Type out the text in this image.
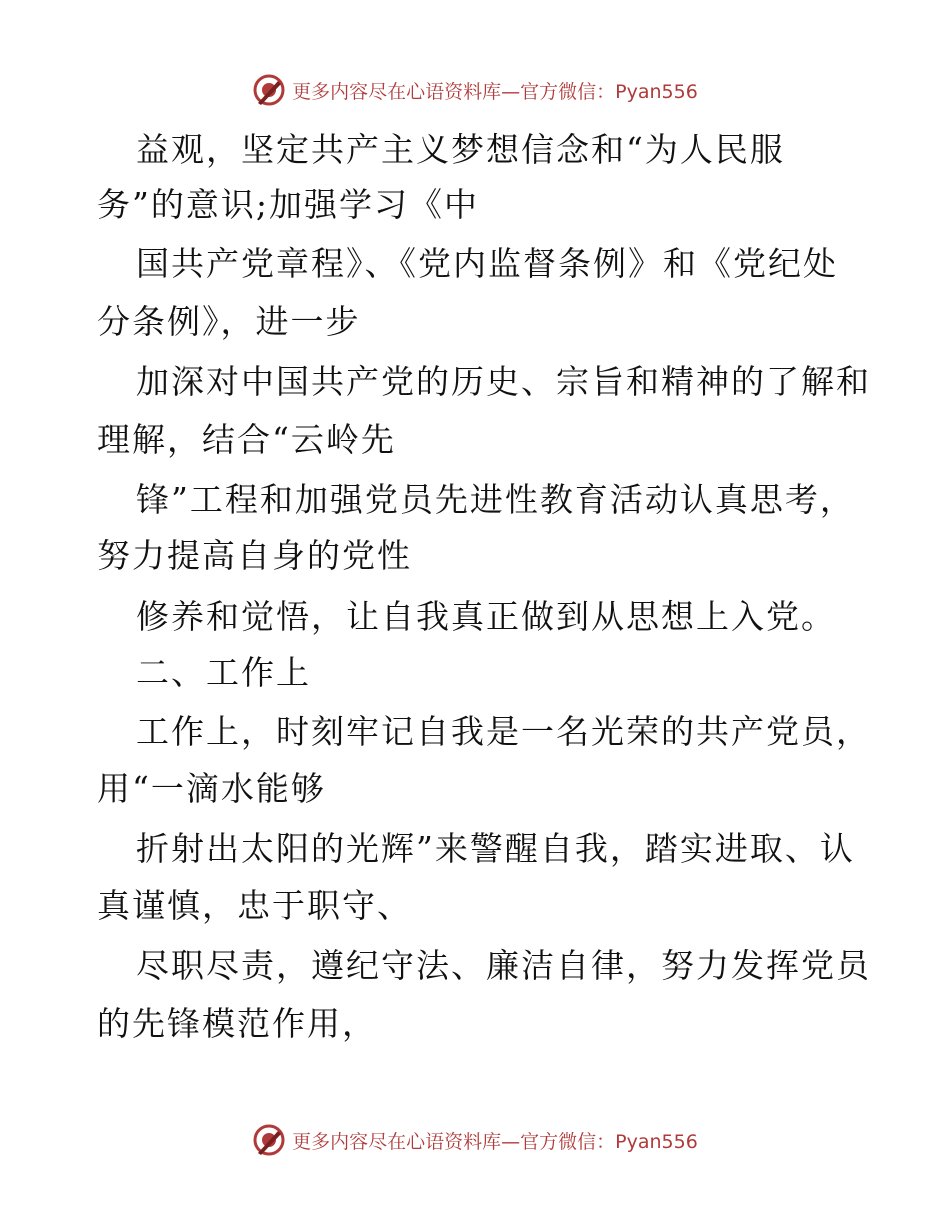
更多内容尽在心语资料库—官方微信：Pyan556
益观，坚定共产主义梦想信念和“为人民服
务”的意识;加强学习《中
国共产党章程》、《党内监督条例》和《党纪处
分条例》，进一步
加深对中国共产党的历史、宗旨和精神的了解和
理解，结合“云岭先
锋”工程和加强党员先进性教育活动认真思考，
努力提高自身的党性
修养和觉悟，让自我真正做到从思想上入党。
二、工作上
工作上，时刻牢记自我是一名光荣的共产党员，
用“一滴水能够
折射出太阳的光辉”来警醒自我，踏实进取、认
真谨慎，忠于职守、
尽职尽责，遵纪守法、廉洁自律，努力发挥党员
的先锋模范作用，
更多内容尽在心语资料库—官方微信：Pyan556
